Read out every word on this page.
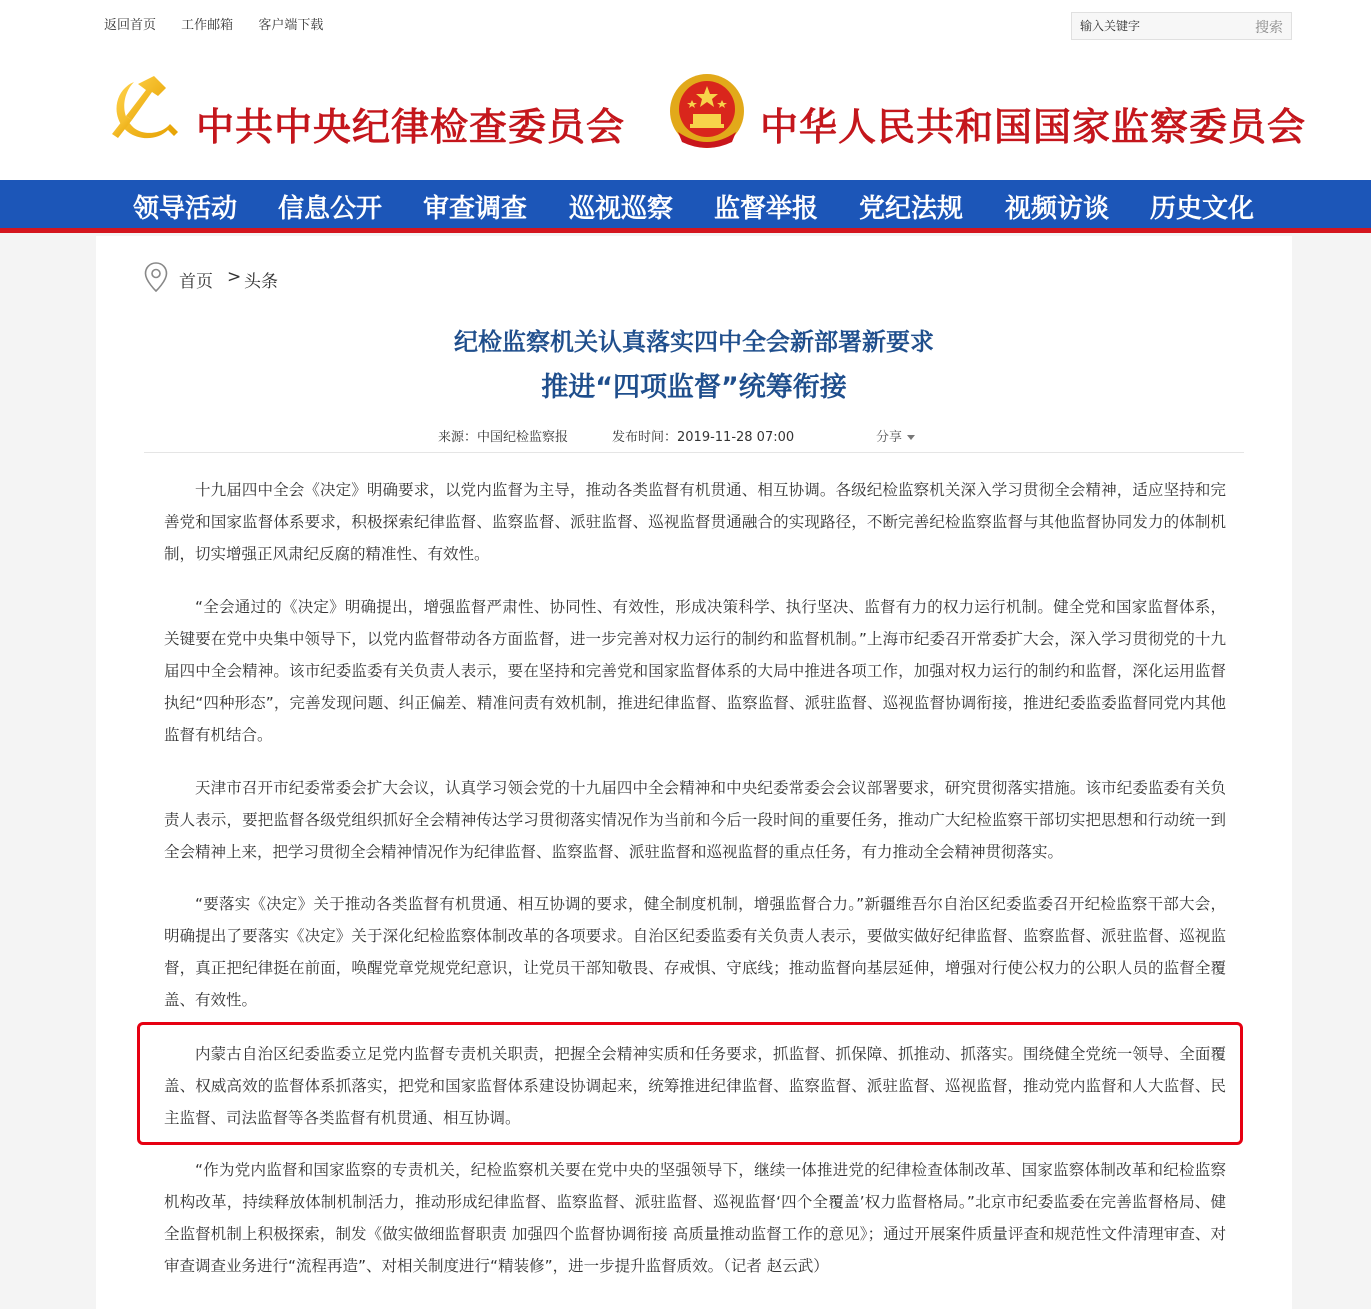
返回首页 工作邮箱 客户端下载
输入关键字	搜索
中共中央纪律检查委员会	中华人民共和国国家监察委员会
领导活动 信息公开 审查调查 巡视巡察 监督举报 党纪法规 视频访谈 历史文化
首页 > 头条
纪检监察机关认真落实四中全会新部署新要求
推进“四项监督”统筹衔接
来源：中国纪检监察报	发布时间：2019-11-28 07:00	分享

十九届四中全会《决定》明确要求，以党内监督为主导，推动各类监督有机贯通、相互协调。各级纪检监察机关深入学习贯彻全会精神，适应坚持和完善党和国家监督体系要求，积极探索纪律监督、监察监督、派驻监督、巡视监督贯通融合的实现路径，不断完善纪检监察监督与其他监督协同发力的体制机制，切实增强正风肃纪反腐的精准性、有效性。

“全会通过的《决定》明确提出，增强监督严肃性、协同性、有效性，形成决策科学、执行坚决、监督有力的权力运行机制。健全党和国家监督体系，关键要在党中央集中领导下，以党内监督带动各方面监督，进一步完善对权力运行的制约和监督机制。”上海市纪委召开常委扩大会，深入学习贯彻党的十九届四中全会精神。该市纪委监委有关负责人表示，要在坚持和完善党和国家监督体系的大局中推进各项工作，加强对权力运行的制约和监督，深化运用监督执纪“四种形态”，完善发现问题、纠正偏差、精准问责有效机制，推进纪律监督、监察监督、派驻监督、巡视监督协调衔接，推进纪委监委监督同党内其他监督有机结合。

天津市召开市纪委常委会扩大会议，认真学习领会党的十九届四中全会精神和中央纪委常委会会议部署要求，研究贯彻落实措施。该市纪委监委有关负责人表示，要把监督各级党组织抓好全会精神传达学习贯彻落实情况作为当前和今后一段时间的重要任务，推动广大纪检监察干部切实把思想和行动统一到全会精神上来，把学习贯彻全会精神情况作为纪律监督、监察监督、派驻监督和巡视监督的重点任务，有力推动全会精神贯彻落实。

“要落实《决定》关于推动各类监督有机贯通、相互协调的要求，健全制度机制，增强监督合力。”新疆维吾尔自治区纪委监委召开纪检监察干部大会，明确提出了要落实《决定》关于深化纪检监察体制改革的各项要求。自治区纪委监委有关负责人表示，要做实做好纪律监督、监察监督、派驻监督、巡视监督，真正把纪律挺在前面，唤醒党章党规党纪意识，让党员干部知敬畏、存戒惧、守底线；推动监督向基层延伸，增强对行使公权力的公职人员的监督全覆盖、有效性。

内蒙古自治区纪委监委立足党内监督专责机关职责，把握全会精神实质和任务要求，抓监督、抓保障、抓推动、抓落实。围绕健全党统一领导、全面覆盖、权威高效的监督体系抓落实，把党和国家监督体系建设协调起来，统筹推进纪律监督、监察监督、派驻监督、巡视监督，推动党内监督和人大监督、民主监督、司法监督等各类监督有机贯通、相互协调。

“作为党内监督和国家监察的专责机关，纪检监察机关要在党中央的坚强领导下，继续一体推进党的纪律检查体制改革、国家监察体制改革和纪检监察机构改革，持续释放体制机制活力，推动形成纪律监督、监察监督、派驻监督、巡视监督‘四个全覆盖’权力监督格局。”北京市纪委监委在完善监督格局、健全监督机制上积极探索，制发《做实做细监督职责 加强四个监督协调衔接 高质量推动监督工作的意见》；通过开展案件质量评查和规范性文件清理审查、对审查调查业务进行“流程再造”、对相关制度进行“精装修”，进一步提升监督质效。（记者 赵云武）
